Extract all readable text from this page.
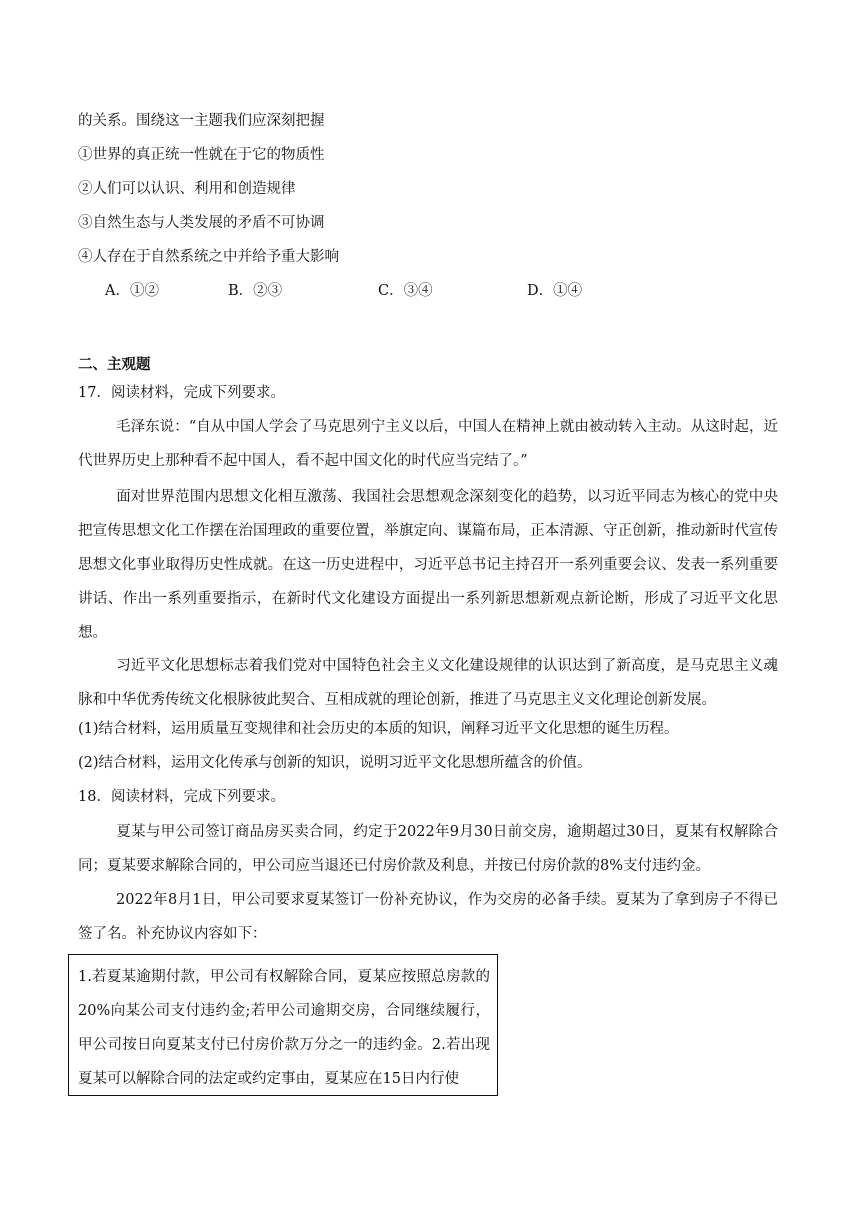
的关系。围绕这一主题我们应深刻把握
①世界的真正统一性就在于它的物质性
②人们可以认识、利用和创造规律
③自然生态与人类发展的矛盾不可协调
④人存在于自然系统之中并给予重大影响
A．①②	B．②③	C．③④	D．①④
二、主观题
17．阅读材料，完成下列要求。
毛泽东说：“自从中国人学会了马克思列宁主义以后，中国人在精神上就由被动转入主动。从这时起，近代世界历史上那种看不起中国人，看不起中国文化的时代应当完结了。”
面对世界范围内思想文化相互激荡、我国社会思想观念深刻变化的趋势，以习近平同志为核心的党中央把宣传思想文化工作摆在治国理政的重要位置，举旗定向、谋篇布局，正本清源、守正创新，推动新时代宣传思想文化事业取得历史性成就。在这一历史进程中，习近平总书记主持召开一系列重要会议、发表一系列重要讲话、作出一系列重要指示，在新时代文化建设方面提出一系列新思想新观点新论断，形成了习近平文化思想。
习近平文化思想标志着我们党对中国特色社会主义文化建设规律的认识达到了新高度，是马克思主义魂脉和中华优秀传统文化根脉彼此契合、互相成就的理论创新，推进了马克思主义文化理论创新发展。
(1)结合材料，运用质量互变规律和社会历史的本质的知识，阐释习近平文化思想的诞生历程。
(2)结合材料，运用文化传承与创新的知识，说明习近平文化思想所蕴含的价值。
18．阅读材料，完成下列要求。
夏某与甲公司签订商品房买卖合同，约定于2022年9月30日前交房，逾期超过30日，夏某有权解除合同；夏某要求解除合同的，甲公司应当退还已付房价款及利息，并按已付房价款的8%支付违约金。
2022年8月1日，甲公司要求夏某签订一份补充协议，作为交房的必备手续。夏某为了拿到房子不得已签了名。补充协议内容如下：
1.若夏某逾期付款，甲公司有权解除合同，夏某应按照总房款的20%向某公司支付违约金;若甲公司逾期交房，合同继续履行，甲公司按日向夏某支付已付房价款万分之一的违约金。2.若出现夏某可以解除合同的法定或约定事由，夏某应在15日内行使
